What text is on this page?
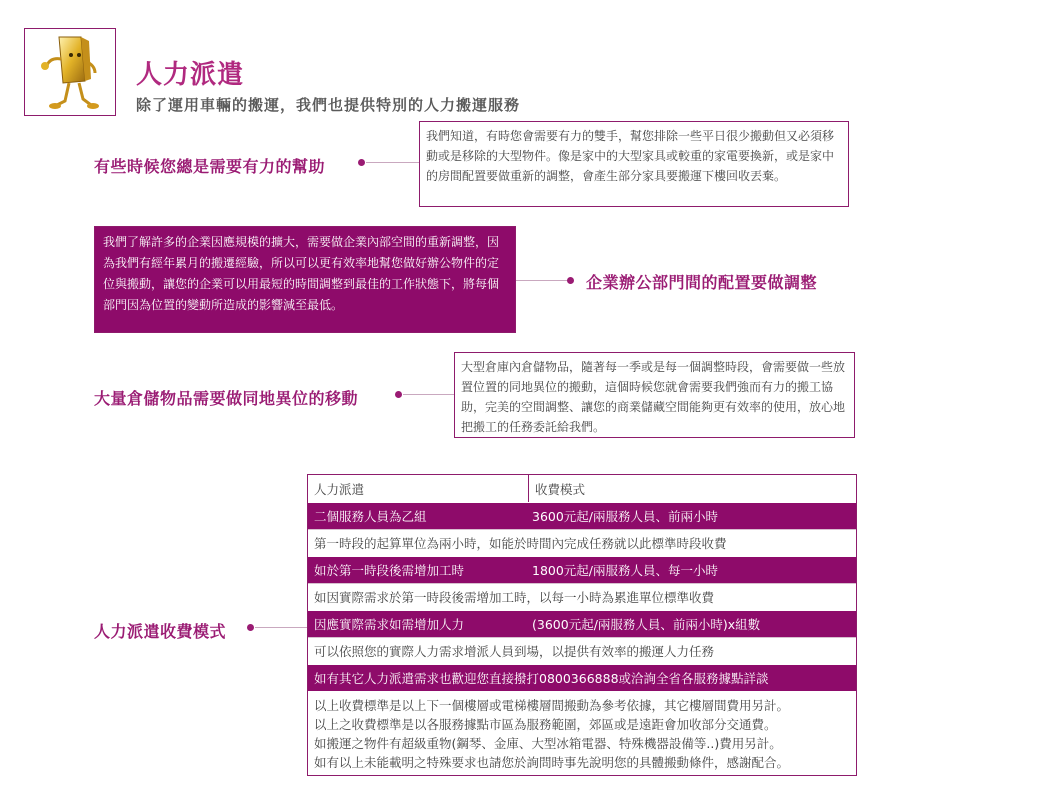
人力派遣
除了運用車輛的搬運，我們也提供特別的人力搬運服務
有些時候您總是需要有力的幫助
我們知道，有時您會需要有力的雙手，幫您排除一些平日很少搬動但又必須移動或是移除的大型物件。像是家中的大型家具或較重的家電要換新，或是家中的房間配置要做重新的調整，會產生部分家具要搬運下樓回收丟棄。
我們了解許多的企業因應規模的擴大，需要做企業內部空間的重新調整，因為我們有經年累月的搬遷經驗，所以可以更有效率地幫您做好辦公物件的定位與搬動，讓您的企業可以用最短的時間調整到最佳的工作狀態下，將每個部門因為位置的變動所造成的影響減至最低。
企業辦公部門間的配置要做調整
大量倉儲物品需要做同地異位的移動
大型倉庫內倉儲物品，隨著每一季或是每一個調整時段，會需要做一些放置位置的同地異位的搬動，這個時候您就會需要我們強而有力的搬工協助，完美的空間調整、讓您的商業儲藏空間能夠更有效率的使用，放心地把搬工的任務委託給我們。
人力派遣收費模式
人力派遣	收費模式
二個服務人員為乙組	3600元起/兩服務人員、前兩小時
第一時段的起算單位為兩小時，如能於時間內完成任務就以此標準時段收費
如於第一時段後需增加工時	1800元起/兩服務人員、每一小時
如因實際需求於第一時段後需增加工時，以每一小時為累進單位標準收費
因應實際需求如需增加人力	(3600元起/兩服務人員、前兩小時)x組數
可以依照您的實際人力需求增派人員到場，以提供有效率的搬運人力任務
如有其它人力派遣需求也歡迎您直接撥打0800366888或洽詢全省各服務據點詳談
以上收費標準是以上下一個樓層或電梯樓層間搬動為參考依據，其它樓層間費用另計。
以上之收費標準是以各服務據點市區為服務範圍，郊區或是遠距會加收部分交通費。
如搬運之物件有超級重物(鋼琴、金庫、大型冰箱電器、特殊機器設備等..)費用另計。
如有以上未能載明之特殊要求也請您於詢問時事先說明您的具體搬動條件，感謝配合。
